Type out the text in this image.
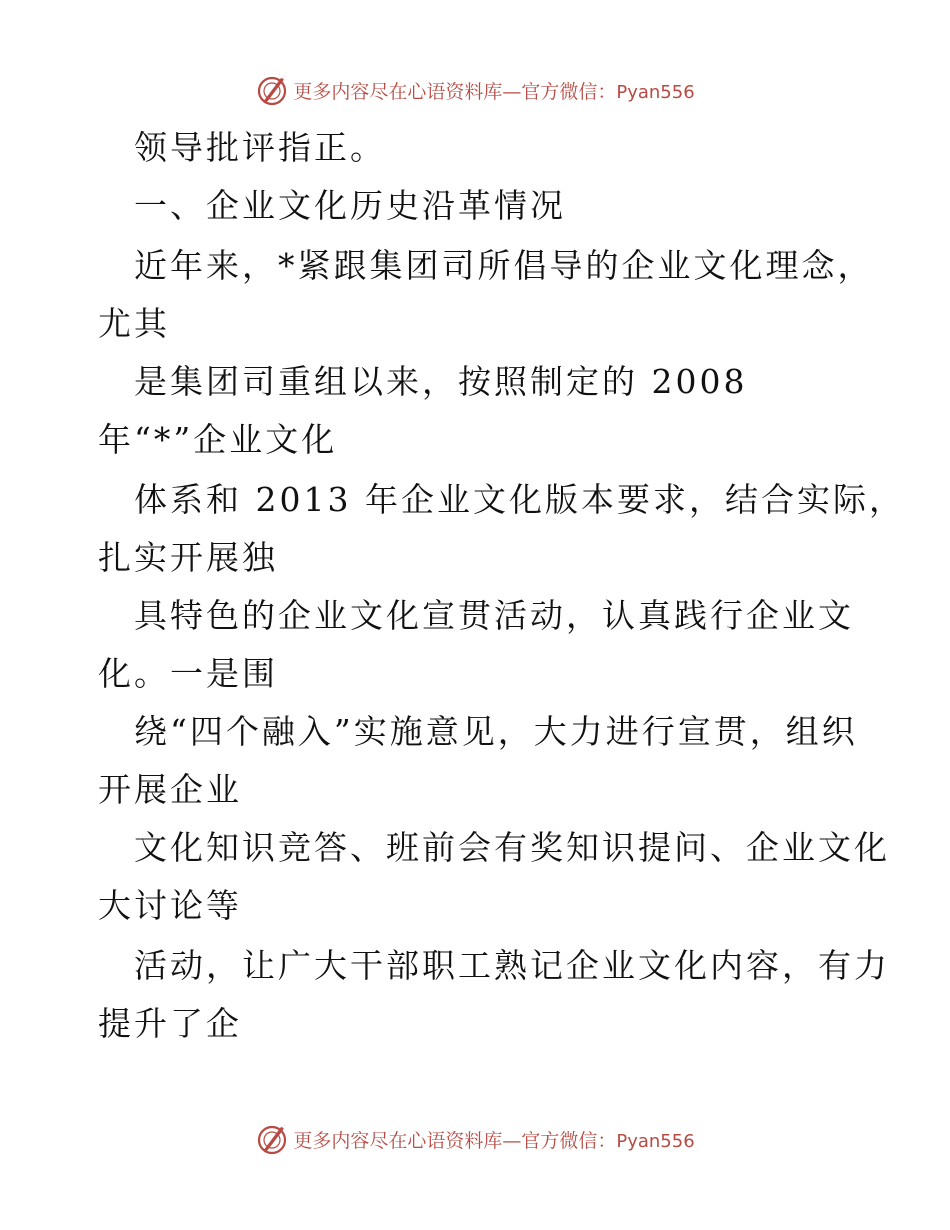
更多内容尽在心语资料库—官方微信：Pyan556
领导批评指正。
一、企业文化历史沿革情况
近年来，*紧跟集团司所倡导的企业文化理念，
尤其
是集团司重组以来，按照制定的 2008
年“*”企业文化
体系和 2013 年企业文化版本要求，结合实际，
扎实开展独
具特色的企业文化宣贯活动，认真践行企业文
化。一是围
绕“四个融入”实施意见，大力进行宣贯，组织
开展企业
文化知识竞答、班前会有奖知识提问、企业文化
大讨论等
活动，让广大干部职工熟记企业文化内容，有力
提升了企
更多内容尽在心语资料库—官方微信：Pyan556
